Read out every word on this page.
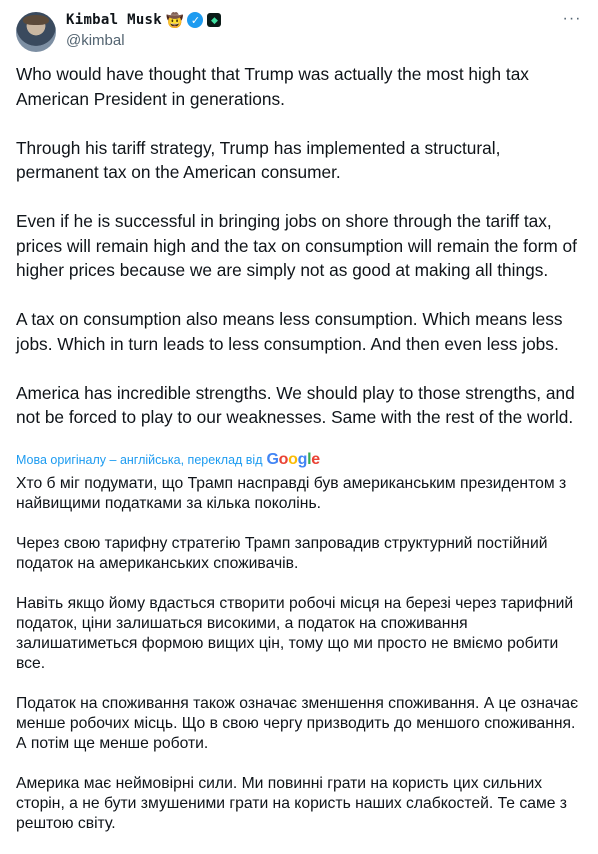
Kimbal Musk 🤠 ✓	◆
@kimbal
···

Who would have thought that Trump was actually the most high tax American President in generations.

Through his tariff strategy, Trump has implemented a structural, permanent tax on the American consumer.

Even if he is successful in bringing jobs on shore through the tariff tax, prices will remain high and the tax on consumption will remain the form of higher prices because we are simply not as good at making all things.

A tax on consumption also means less consumption. Which means less jobs. Which in turn leads to less consumption. And then even less jobs.

America has incredible strengths. We should play to those strengths, and not be forced to play to our weaknesses. Same with the rest of the world.

Мова оригіналу – англійська, переклад від Google

Хто б міг подумати, що Трамп насправді був американським президентом з найвищими податками за кілька поколінь.

Через свою тарифну стратегію Трамп запровадив структурний постійний податок на американських споживачів.

Навіть якщо йому вдасться створити робочі місця на березі через тарифний податок, ціни залишаться високими, а податок на споживання залишатиметься формою вищих цін, тому що ми просто не вміємо робити все.

Податок на споживання також означає зменшення споживання. А це означає менше робочих місць. Що в свою чергу призводить до меншого споживання. А потім ще менше роботи.

Америка має неймовірні сили. Ми повинні грати на користь цих сильних сторін, а не бути змушеними грати на користь наших слабкостей. Те саме з рештою світу.
